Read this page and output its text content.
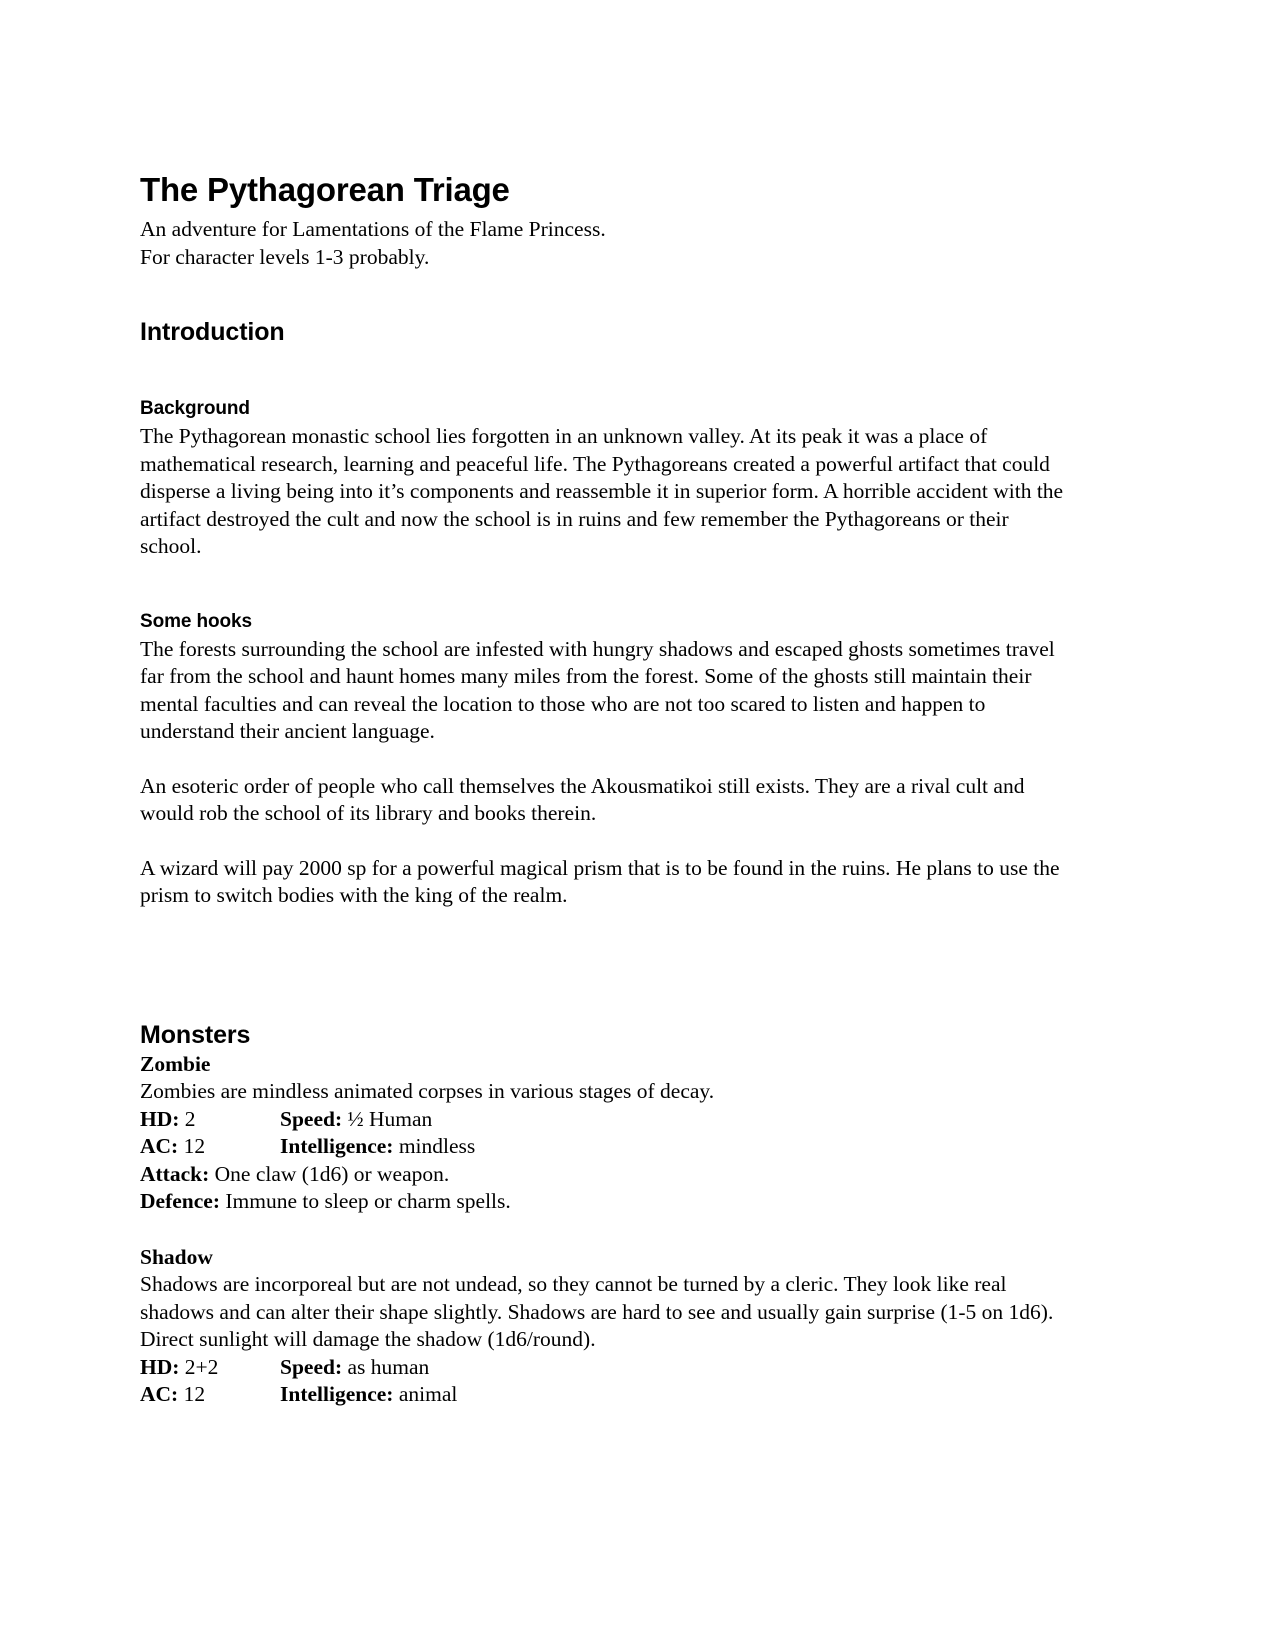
The Pythagorean Triage
An adventure for Lamentations of the Flame Princess.
For character levels 1-3 probably.
Introduction
Background

The Pythagorean monastic school lies forgotten in an unknown valley. At its peak it was a place of mathematical research, learning and peaceful life. The Pythagoreans created a powerful artifact that could disperse a living being into it’s components and reassemble it in superior form. A horrible accident with the artifact destroyed the cult and now the school is in ruins and few remember the Pythagoreans or their school.

Some hooks

The forests surrounding the school are infested with hungry shadows and escaped ghosts sometimes travel far from the school and haunt homes many miles from the forest. Some of the ghosts still maintain their mental faculties and can reveal the location to those who are not too scared to listen and happen to understand their ancient language.

An esoteric order of people who call themselves the Akousmatikoi still exists. They are a rival cult and would rob the school of its library and books therein.

A wizard will pay 2000 sp for a powerful magical prism that is to be found in the ruins. He plans to use the prism to switch bodies with the king of the realm.

Monsters
Zombie

Zombies are mindless animated corpses in various stages of decay.

HD: 2	Speed: ½ Human
AC: 12	Intelligence: mindless
Attack: One claw (1d6) or weapon.
Defence: Immune to sleep or charm spells.
Shadow

Shadows are incorporeal but are not undead, so they cannot be turned by a cleric. They look like real shadows and can alter their shape slightly. Shadows are hard to see and usually gain surprise (1-5 on 1d6). Direct sunlight will damage the shadow (1d6/round).

HD: 2+2	Speed: as human
AC: 12	Intelligence: animal
